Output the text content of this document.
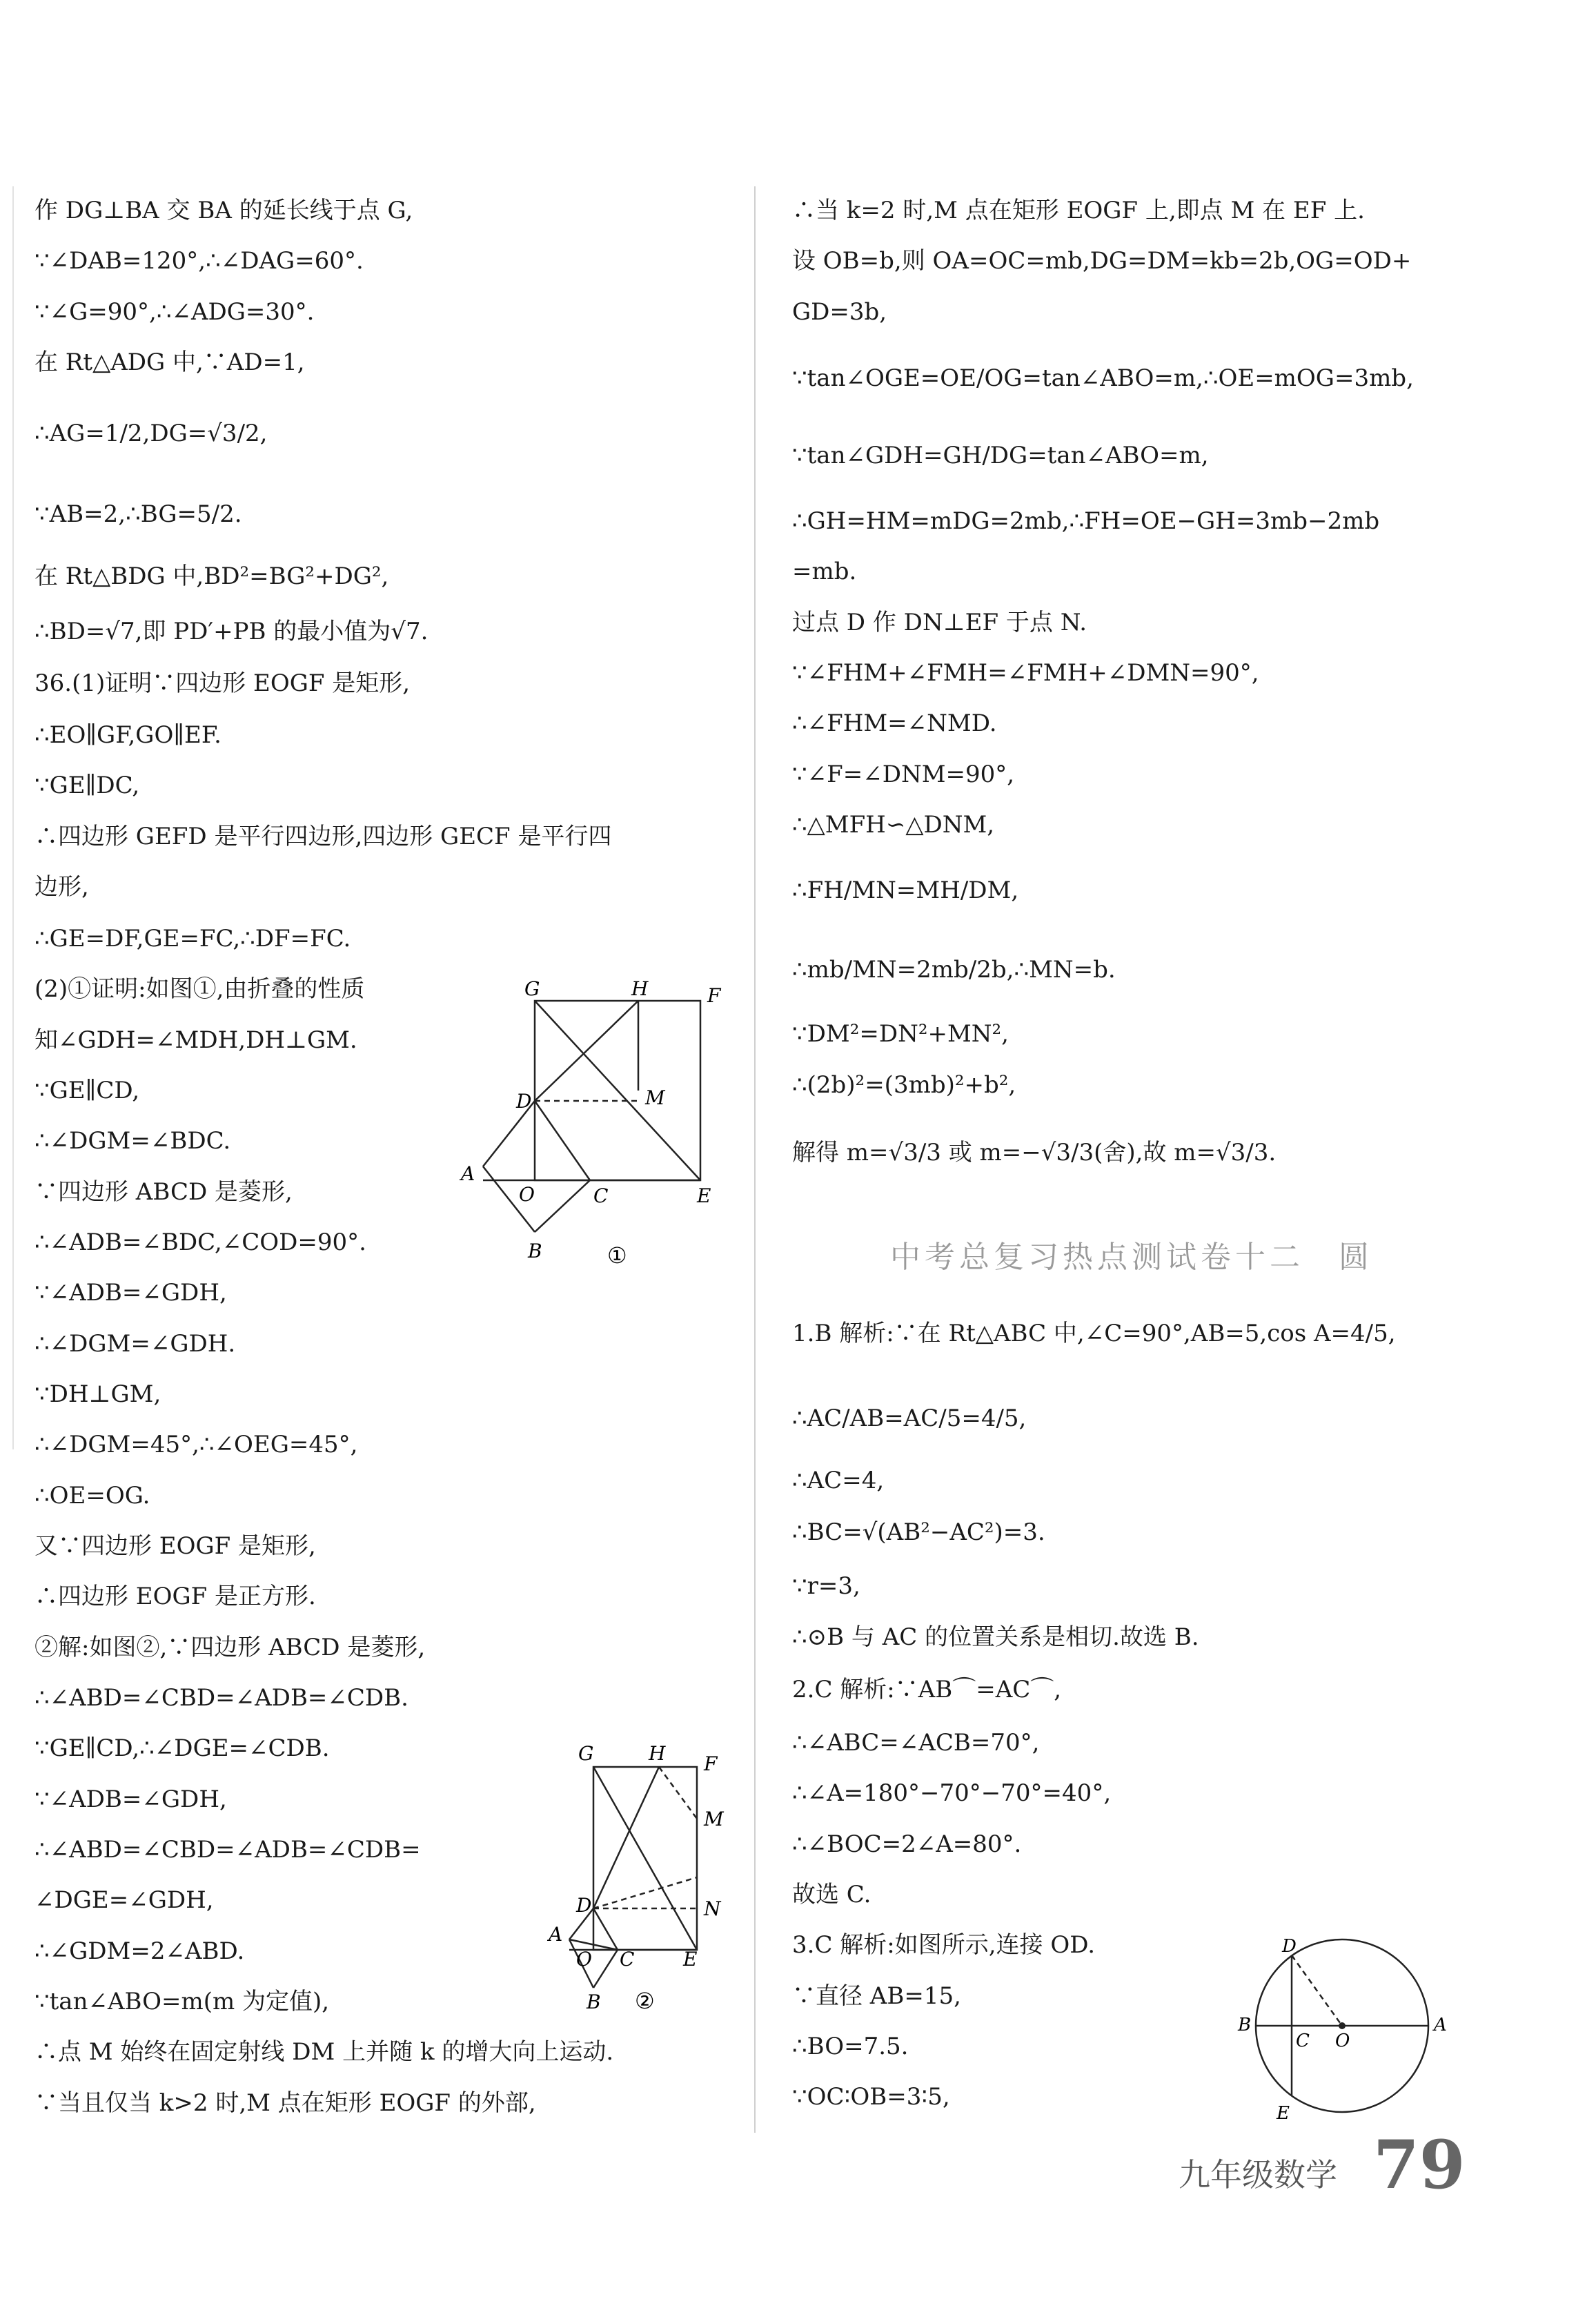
作 DG⊥BA 交 BA 的延长线于点 G,
∵∠DAB=120°,∴∠DAG=60°.
∵∠G=90°,∴∠ADG=30°.
在 Rt△ADG 中,∵AD=1,
∴AG=1/2,DG=√3/2,
∵AB=2,∴BG=5/2.
在 Rt△BDG 中,BD²=BG²+DG²,
∴BD=√7,即 PD′+PB 的最小值为√7.
36.(1)证明∵四边形 EOGF 是矩形,
∴EO∥GF,GO∥EF.
∵GE∥DC,
∴四边形 GEFD 是平行四边形,四边形 GECF 是平行四
边形,
∴GE=DF,GE=FC,∴DF=FC.
(2)①证明:如图①,由折叠的性质
知∠GDH=∠MDH,DH⊥GM.
∵GE∥CD,
∴∠DGM=∠BDC.
∵四边形 ABCD 是菱形,
∴∠ADB=∠BDC,∠COD=90°.
∵∠ADB=∠GDH,
∴∠DGM=∠GDH.
∵DH⊥GM,
∴∠DGM=45°,∴∠OEG=45°,
∴OE=OG.
又∵四边形 EOGF 是矩形,
∴四边形 EOGF 是正方形.
②解:如图②,∵四边形 ABCD 是菱形,
∴∠ABD=∠CBD=∠ADB=∠CDB.
∵GE∥CD,∴∠DGE=∠CDB.
∵∠ADB=∠GDH,
∴∠ABD=∠CBD=∠ADB=∠CDB=
∠DGE=∠GDH,
∴∠GDM=2∠ABD.
∵tan∠ABO=m(m 为定值),
∴点 M 始终在固定射线 DM 上并随 k 的增大向上运动.
∵当且仅当 k>2 时,M 点在矩形 EOGF 的外部,
∴当 k=2 时,M 点在矩形 EOGF 上,即点 M 在 EF 上.
设 OB=b,则 OA=OC=mb,DG=DM=kb=2b,OG=OD+
GD=3b,
∵tan∠OGE=OE/OG=tan∠ABO=m,∴OE=mOG=3mb,
∵tan∠GDH=GH/DG=tan∠ABO=m,
∴GH=HM=mDG=2mb,∴FH=OE−GH=3mb−2mb
=mb.
过点 D 作 DN⊥EF 于点 N.
∵∠FHM+∠FMH=∠FMH+∠DMN=90°,
∴∠FHM=∠NMD.
∵∠F=∠DNM=90°,
∴△MFH∽△DNM,
∴FH/MN=MH/DM,
∴mb/MN=2mb/2b,∴MN=b.
∵DM²=DN²+MN²,
∴(2b)²=(3mb)²+b²,
解得 m=√3/3 或 m=−√3/3(舍),故 m=√3/3.
1.B 解析:∵在 Rt△ABC 中,∠C=90°,AB=5,cos A=4/5,
∴AC/AB=AC/5=4/5,
∴AC=4,
∴BC=√(AB²−AC²)=3.
∵r=3,
∴⊙B 与 AC 的位置关系是相切.故选 B.
2.C 解析:∵AB⌒=AC⌒,
∴∠ABC=∠ACB=70°,
∴∠A=180°−70°−70°=40°,
∴∠BOC=2∠A=80°.
故选 C.
3.C 解析:如图所示,连接 OD.
∵直径 AB=15,
∴BO=7.5.
∵OC∶OB=3∶5,
中考总复习热点测试卷十二　圆
G	H	F
D	M
A
O	C	E
B	①
G	H F
M
D	N
A
O C	E
B ②
D
B
C O
A
E
九年级数学 79
